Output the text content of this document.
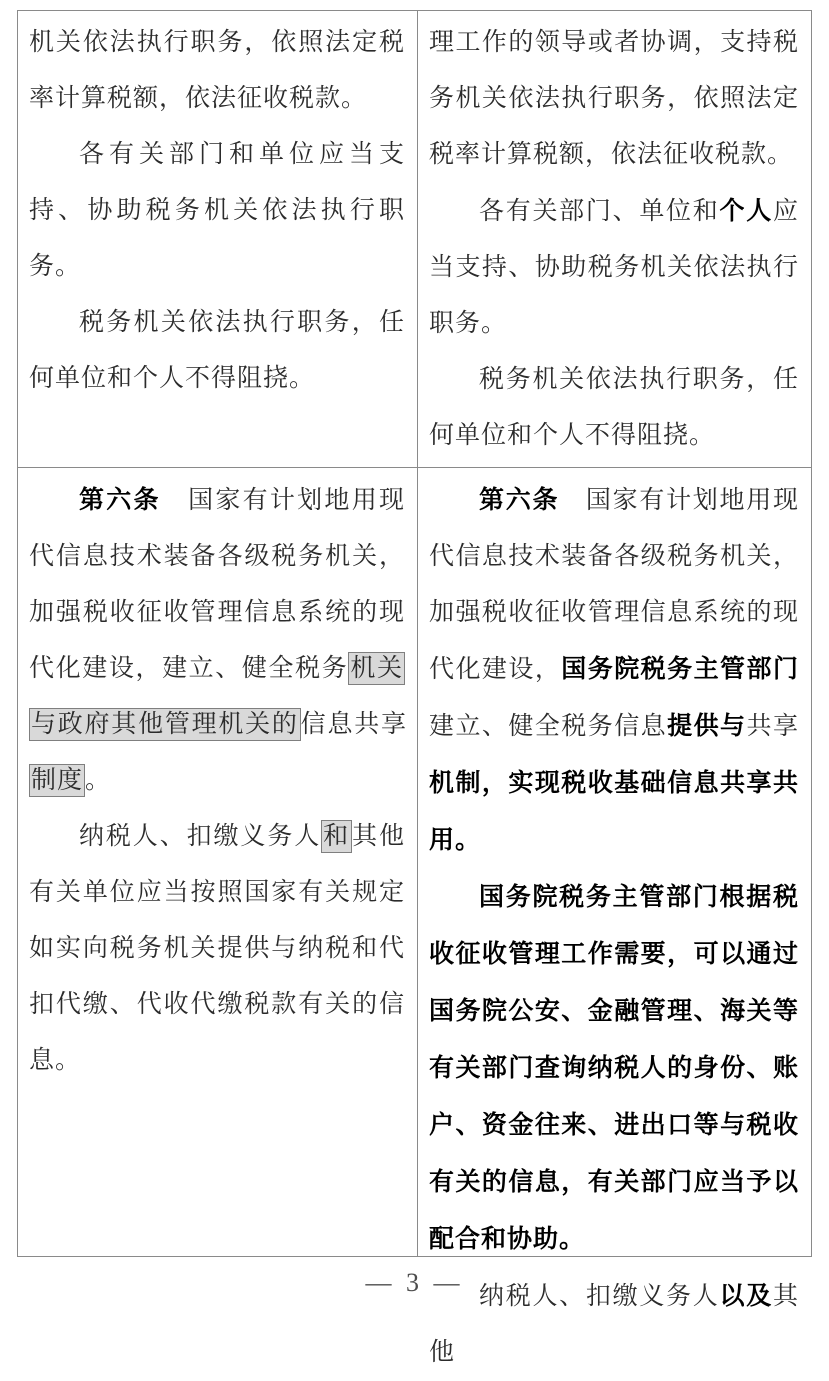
机关依法执行职务，依照法定税率计算税额，依法征收税款。

各有关部门和单位应当支持、协助税务机关依法执行职务。

税务机关依法执行职务，任何单位和个人不得阻挠。

理工作的领导或者协调，支持税务机关依法执行职务，依照法定税率计算税额，依法征收税款。

各有关部门、单位和个人应当支持、协助税务机关依法执行职务。

税务机关依法执行职务，任何单位和个人不得阻挠。

第六条　国家有计划地用现代信息技术装备各级税务机关，加强税收征收管理信息系统的现代化建设，建立、健全税务机关与政府其他管理机关的信息共享制度。

纳税人、扣缴义务人和其他有关单位应当按照国家有关规定如实向税务机关提供与纳税和代扣代缴、代收代缴税款有关的信息。

第六条　国家有计划地用现代信息技术装备各级税务机关，加强税收征收管理信息系统的现代化建设，国务院税务主管部门建立、健全税务信息提供与共享机制，实现税收基础信息共享共用。

国务院税务主管部门根据税收征收管理工作需要，可以通过国务院公安、金融管理、海关等有关部门查询纳税人的身份、账户、资金往来、进出口等与税收有关的信息，有关部门应当予以配合和协助。

纳税人、扣缴义务人以及其他

— 3 —
